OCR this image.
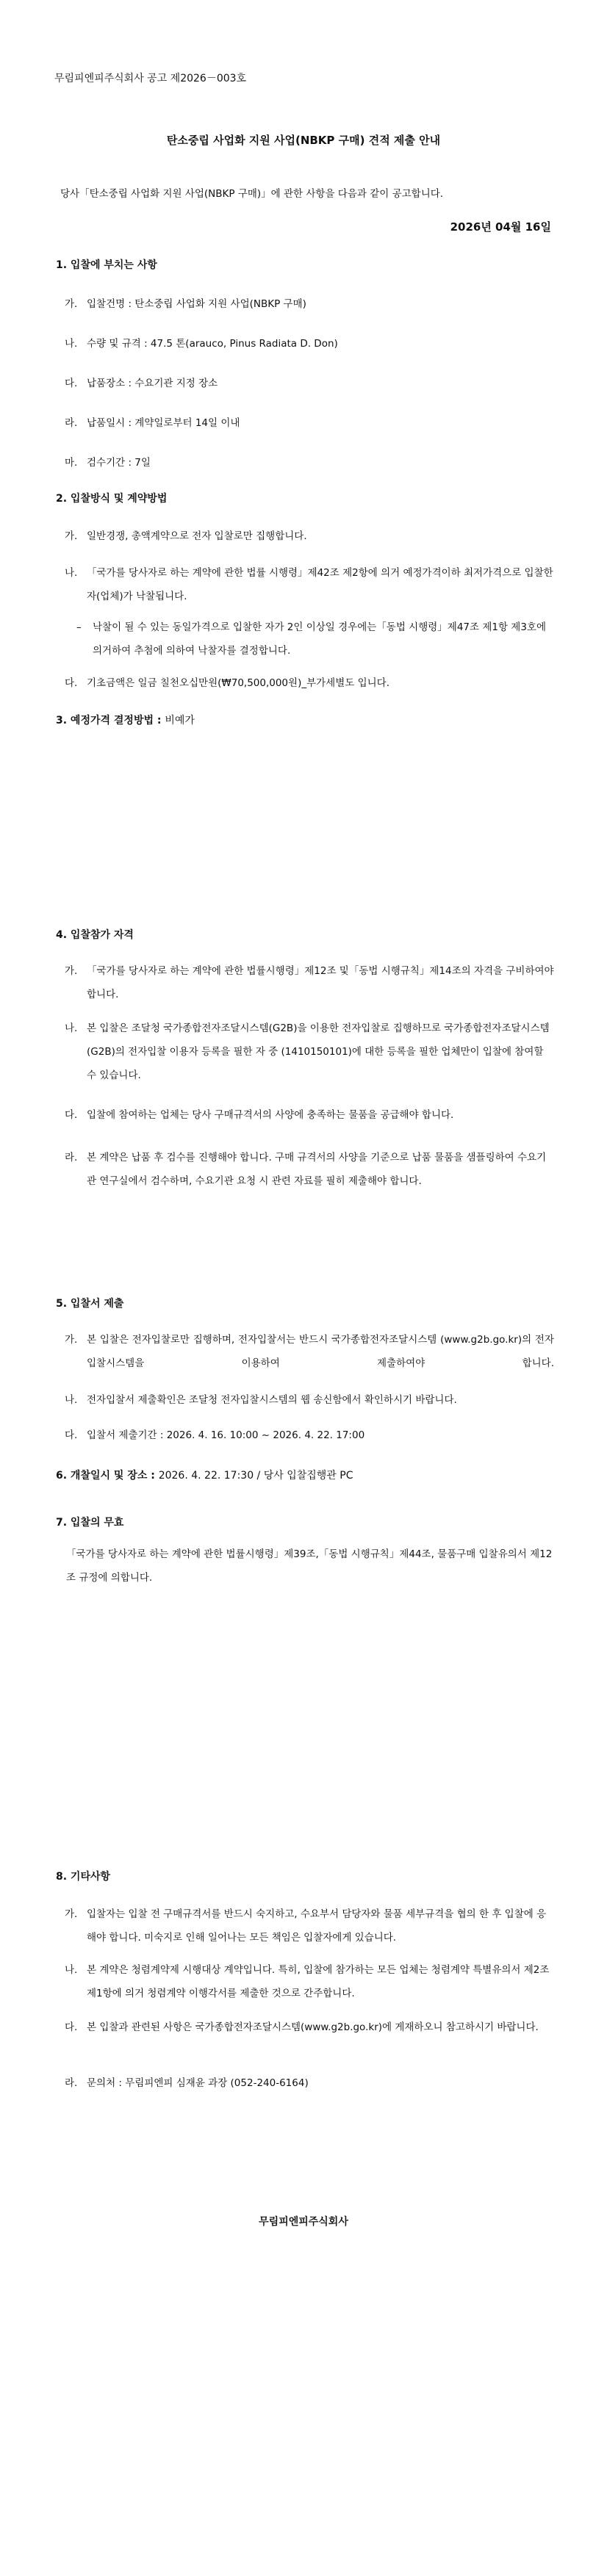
무림피엔피주식회사 공고 제2026－003호
탄소중립 사업화 지원 사업(NBKP 구매) 견적 제출 안내
당사「탄소중립 사업화 지원 사업(NBKP 구매)」에 관한 사항을 다음과 같이 공고합니다.
2026년 04월 16일
1. 입찰에 부치는 사항
가. 입찰건명 : 탄소중립 사업화 지원 사업(NBKP 구매)
나. 수량 및 규격 : 47.5 톤(arauco, Pinus Radiata D. Don)
다. 납품장소 : 수요기관 지정 장소
라. 납품일시 : 계약일로부터 14일 이내
마. 검수기간 : 7일
2. 입찰방식 및 계약방법
가. 일반경쟁, 총액계약으로 전자 입찰로만 집행합니다.
나. 「국가를 당사자로 하는 계약에 관한 법률 시행령」제42조 제2항에 의거 예정가격이하 최저가격으로 입찰한자(업체)가 낙찰됩니다.
– 낙찰이 될 수 있는 동일가격으로 입찰한 자가 2인 이상일 경우에는「동법 시행령」제47조 제1항 제3호에 의거하여 추첨에 의하여 낙찰자를 결정합니다.
다. 기초금액은 일금 칠천오십만원(₩70,500,000원)_부가세별도 입니다.
3. 예정가격 결정방법 : 비예가
4. 입찰참가 자격
가. 「국가를 당사자로 하는 계약에 관한 법률시행령」제12조 및「동법 시행규칙」제14조의 자격을 구비하여야 합니다.
나. 본 입찰은 조달청 국가종합전자조달시스템(G2B)을 이용한 전자입찰로 집행하므로 국가종합전자조달시스템(G2B)의 전자입찰 이용자 등록을 필한 자 중 (1410150101)에 대한 등록을 필한 업체만이 입찰에 참여할 수 있습니다.
다. 입찰에 참여하는 업체는 당사 구매규격서의 사양에 충족하는 물품을 공급해야 합니다.
라. 본 계약은 납품 후 검수를 진행해야 합니다. 구매 규격서의 사양을 기준으로 납품 물품을 샘플링하여 수요기관 연구실에서 검수하며, 수요기관 요청 시 관련 자료를 필히 제출해야 합니다.
5. 입찰서 제출
가. 본 입찰은 전자입찰로만 집행하며, 전자입찰서는 반드시 국가종합전자조달시스템 (www.g2b.go.kr)의 전자입찰시스템을 이용하여 제출하여야 합니다.
나. 전자입찰서 제출확인은 조달청 전자입찰시스템의 웹 송신함에서 확인하시기 바랍니다.
다. 입찰서 제출기간 : 2026. 4. 16. 10:00 ~ 2026. 4. 22. 17:00
6. 개찰일시 및 장소 : 2026. 4. 22. 17:30 / 당사 입찰집행관 PC
7. 입찰의 무효
「국가를 당사자로 하는 계약에 관한 법률시행령」제39조,「동법 시행규칙」제44조, 물품구매 입찰유의서 제12조 규정에 의합니다.
8. 기타사항
가. 입찰자는 입찰 전 구매규격서를 반드시 숙지하고, 수요부서 담당자와 물품 세부규격을 협의 한 후 입찰에 응해야 합니다. 미숙지로 인해 일어나는 모든 책임은 입찰자에게 있습니다.
나. 본 계약은 청렴계약제 시행대상 계약입니다. 특히, 입찰에 참가하는 모든 업체는 청렴계약 특별유의서 제2조제1항에 의거 청렴계약 이행각서를 제출한 것으로 간주합니다.
다. 본 입찰과 관련된 사항은 국가종합전자조달시스템(www.g2b.go.kr)에 게재하오니 참고하시기 바랍니다.
라. 문의처 : 무림피엔피 심재윤 과장 (052-240-6164)
무림피엔피주식회사
